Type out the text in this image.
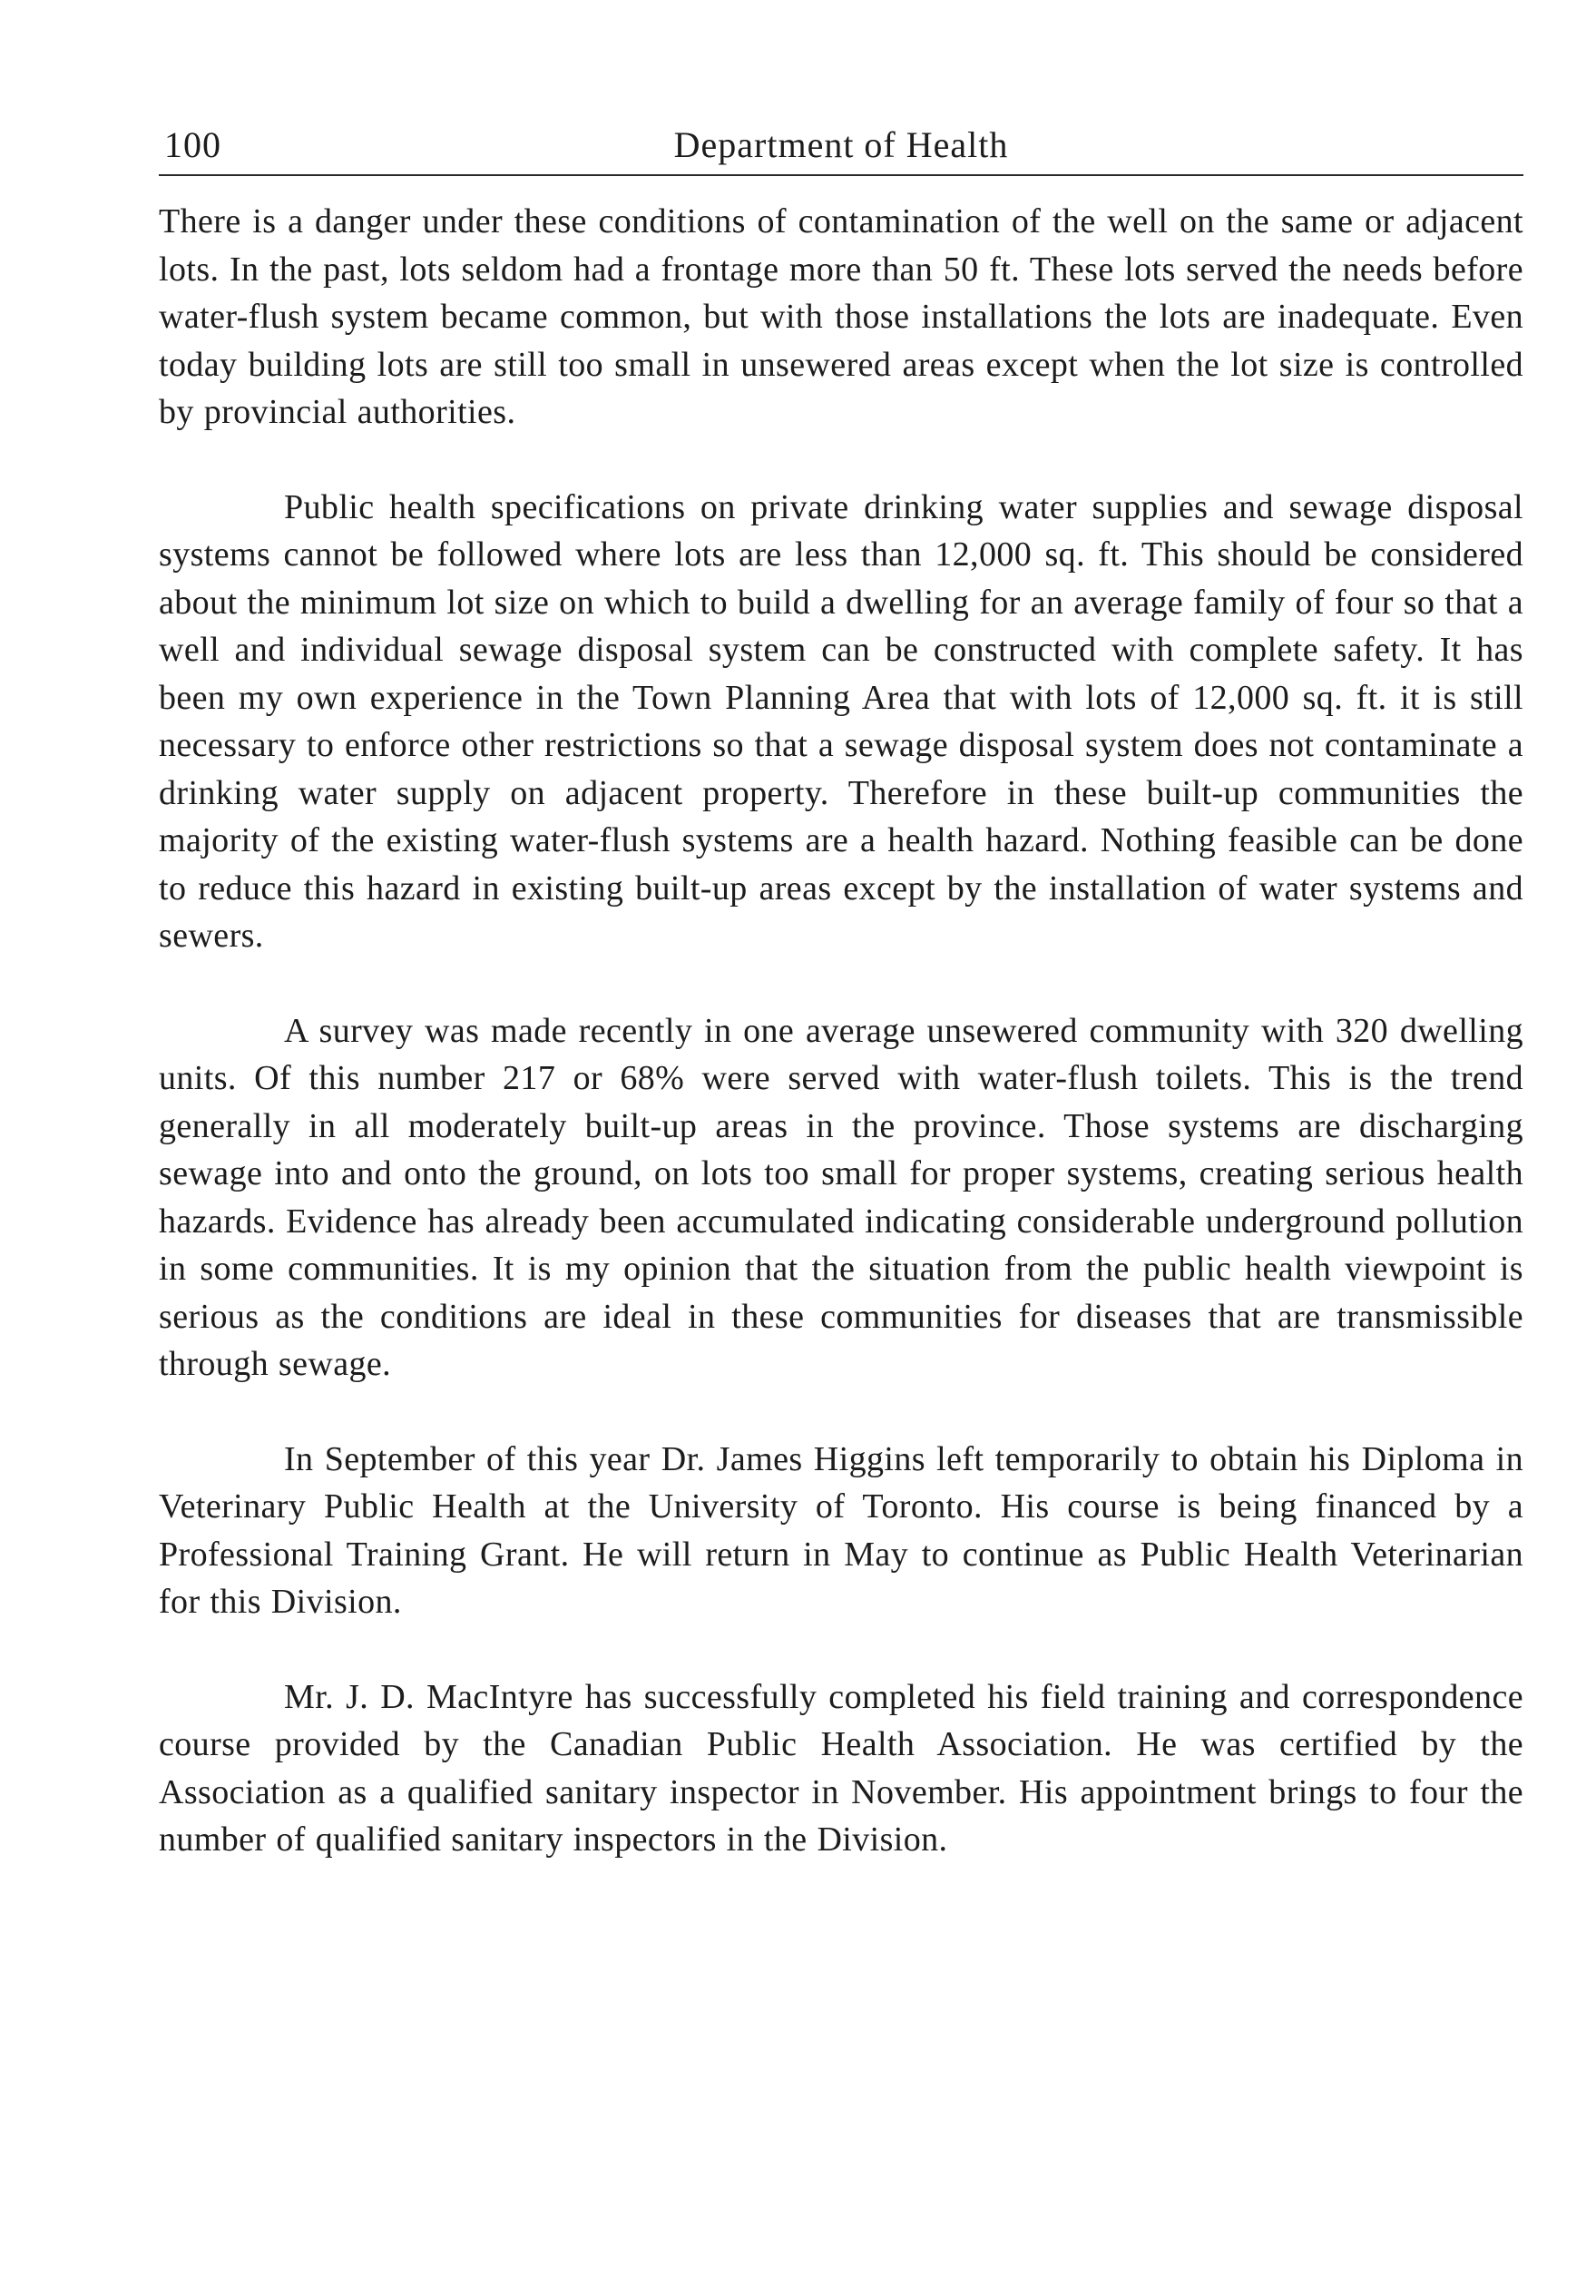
100	Department of Health

There is a danger under these conditions of contamination of the well on the same or adjacent lots. In the past, lots seldom had a frontage more than 50 ft. These lots served the needs before water-flush system became common, but with those installations the lots are inadequate. Even today building lots are still too small in unsewered areas except when the lot size is controlled by provincial authorities.

Public health specifications on private drinking water supplies and sewage disposal systems cannot be followed where lots are less than 12,000 sq. ft. This should be considered about the minimum lot size on which to build a dwelling for an average family of four so that a well and individual sewage disposal system can be constructed with complete safety. It has been my own experience in the Town Planning Area that with lots of 12,000 sq. ft. it is still necessary to enforce other restrictions so that a sewage disposal system does not contaminate a drinking water supply on adjacent property. Therefore in these built-up communities the majority of the existing water-flush systems are a health hazard. Nothing feasible can be done to reduce this hazard in existing built-up areas except by the installation of water systems and sewers.

A survey was made recently in one average unsewered community with 320 dwelling units. Of this number 217 or 68% were served with water-flush toilets. This is the trend generally in all moderately built-up areas in the province. Those systems are discharging sewage into and onto the ground, on lots too small for proper systems, creating serious health hazards. Evidence has already been accumulated indicating considerable underground pollution in some communities. It is my opinion that the situation from the public health viewpoint is serious as the conditions are ideal in these communities for diseases that are transmissible through sewage.

In September of this year Dr. James Higgins left temporarily to obtain his Diploma in Veterinary Public Health at the University of Toronto. His course is being financed by a Professional Training Grant. He will return in May to continue as Public Health Veterinarian for this Division.

Mr. J. D. MacIntyre has successfully completed his field training and correspondence course provided by the Canadian Public Health Association. He was certified by the Association as a qualified sanitary inspector in November. His appointment brings to four the number of qualified sanitary inspectors in the Division.
